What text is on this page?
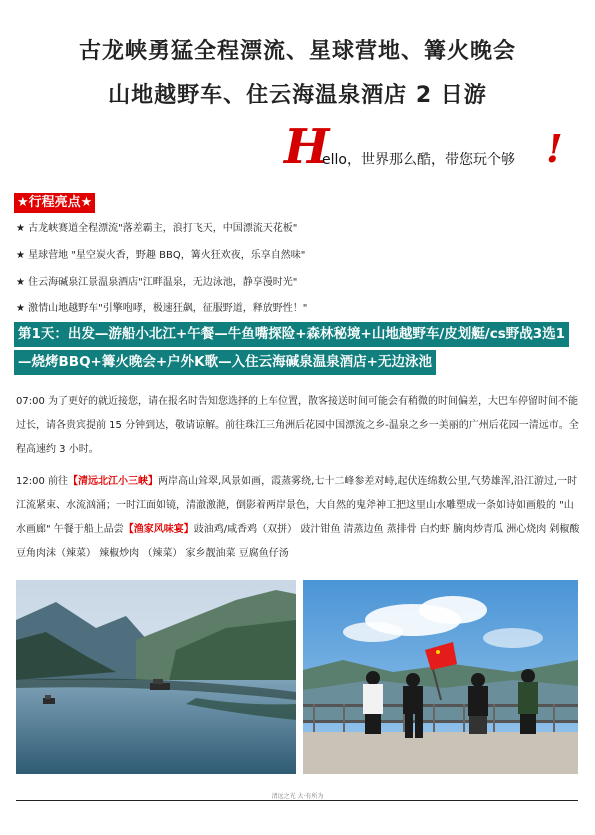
古龙峡勇猛全程漂流、星球营地、篝火晚会
山地越野车、住云海温泉酒店 2 日游
H
ello，世界那么酷，带您玩个够 !
★行程亮点★
★ 古龙峡赛道全程漂流"落差霸主，浪打飞天，中国漂流天花板"
★ 星球营地 "星空炭火香，野趣 BBQ，篝火狂欢夜，乐享自然味"
★ 住云海碱泉江景温泉酒店"江畔温泉，无边泳池，静享漫时光"
★ 激情山地越野车"引擎咆哮，极速狂飙，征服野道，释放野性！"
第1天：出发—游船小北江+午餐—牛鱼嘴探险+森林秘境+山地越野车/皮划艇/cs野战3选1
—烧烤BBQ+篝火晚会+户外K歌—入住云海碱泉温泉酒店+无边泳池
07:00 为了更好的就近接您，请在报名时告知您选择的上车位置，散客接送时间可能会有稍微的时间偏差，大巴车停留时间不能过长，请各贵宾提前 15 分钟到达，敬请谅解。前往珠江三角洲后花园中国漂流之乡-温泉之乡一美丽的广州后花园一清远市。全程高速约 3 小时。
12:00 前往【清远北江小三峡】两岸高山耸翠,风景如画，霞蒸雾绕,七十二峰参差对峙,起伏连绵数公里,气势雄浑,沿江游过,一时江流紧束、水流汹涌；一时江面如镜，清澈激滟，倒影着两岸景色，大自然的鬼斧神工把这里山水雕塑成一条如诗如画般的 "山水画廊" 午餐于船上品尝【渔家风味宴】豉油鸡/咸香鸡（双拼） 豉汁钳鱼 清蒸边鱼 蒸排骨 白灼虾 腩肉炒青瓜 洲心烧肉 剁椒酸豆角肉沫（辣菜） 辣椒炒肉 （辣菜） 家乡靓油菜 豆腐鱼仔汤
清远之光 大·有所为
